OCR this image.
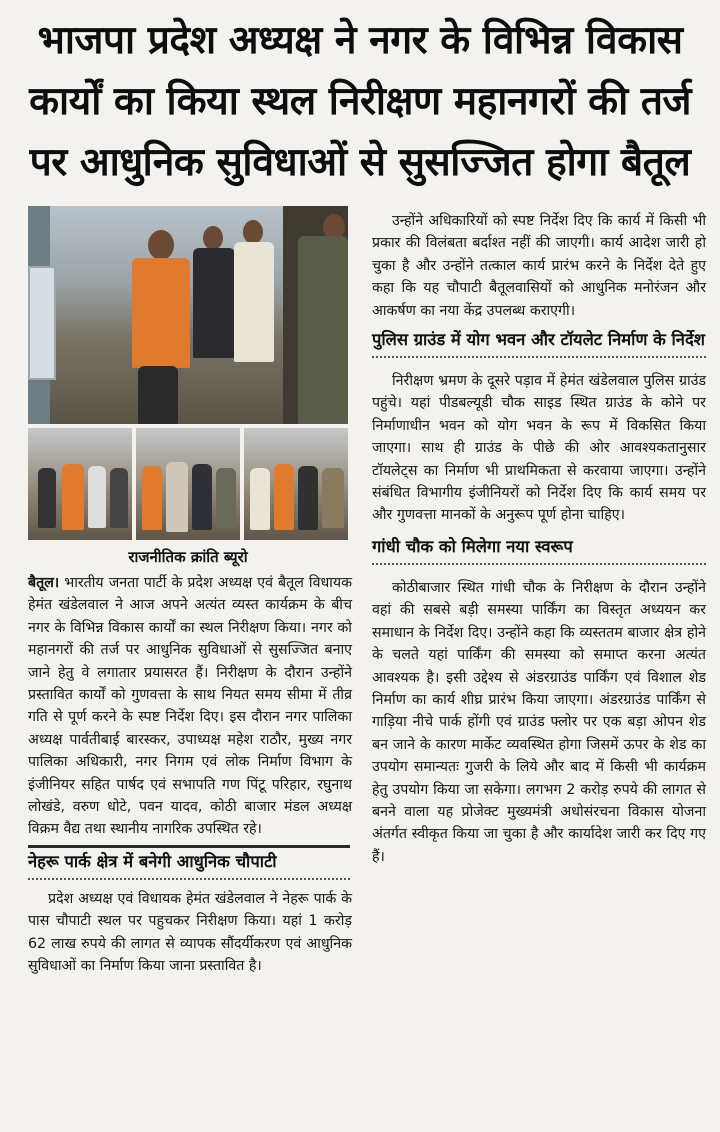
भाजपा प्रदेश अध्यक्ष ने नगर के विभिन्न विकास
कार्यों का किया स्थल निरीक्षण महानगरों की तर्ज
पर आधुनिक सुविधाओं से सुसज्जित होगा बैतूल
राजनीतिक क्रांति ब्यूरो

बैतूल। भारतीय जनता पार्टी के प्रदेश अध्यक्ष एवं बैतूल विधायक हेमंत खंडेलवाल ने आज अपने अत्यंत व्यस्त कार्यक्रम के बीच नगर के विभिन्न विकास कार्यों का स्थल निरीक्षण किया। नगर को महानगरों की तर्ज पर आधुनिक सुविधाओं से सुसज्जित बनाए जाने हेतु वे लगातार प्रयासरत हैं। निरीक्षण के दौरान उन्होंने प्रस्तावित कार्यों को गुणवत्ता के साथ नियत समय सीमा में तीव्र गति से पूर्ण करने के स्पष्ट निर्देश दिए। इस दौरान नगर पालिका अध्यक्ष पार्वतीबाई बारस्कर, उपाध्यक्ष महेश राठौर, मुख्य नगर पालिका अधिकारी, नगर निगम एवं लोक निर्माण विभाग के इंजीनियर सहित पार्षद एवं सभापति गण पिंटू परिहार, रघुनाथ लोखंडे, वरुण धोटे, पवन यादव, कोठी बाजार मंडल अध्यक्ष विक्रम वैद्य तथा स्थानीय नागरिक उपस्थित रहे।

नेहरू पार्क क्षेत्र में बनेगी आधुनिक चौपाटी

प्रदेश अध्यक्ष एवं विधायक हेमंत खंडेलवाल ने नेहरू पार्क के पास चौपाटी स्थल पर पहुचकर निरीक्षण किया। यहां 1 करोड़ 62 लाख रुपये की लागत से व्यापक सौंदर्यीकरण एवं आधुनिक सुविधाओं का निर्माण किया जाना प्रस्तावित है।

उन्होंने अधिकारियों को स्पष्ट निर्देश दिए कि कार्य में किसी भी प्रकार की विलंबता बर्दाश्त नहीं की जाएगी। कार्य आदेश जारी हो चुका है और उन्होंने तत्काल कार्य प्रारंभ करने के निर्देश देते हुए कहा कि यह चौपाटी बैतूलवासियों को आधुनिक मनोरंजन और आकर्षण का नया केंद्र उपलब्ध कराएगी।

पुलिस ग्राउंड में योग भवन और टॉयलेट निर्माण के निर्देश

निरीक्षण भ्रमण के दूसरे पड़ाव में हेमंत खंडेलवाल पुलिस ग्राउंड पहुंचे। यहां पीडबल्यूडी चौक साइड स्थित ग्राउंड के कोने पर निर्माणाधीन भवन को योग भवन के रूप में विकसित किया जाएगा। साथ ही ग्राउंड के पीछे की ओर आवश्यकतानुसार टॉयलेट्स का निर्माण भी प्राथमिकता से करवाया जाएगा। उन्होंने संबंधित विभागीय इंजीनियरों को निर्देश दिए कि कार्य समय पर और गुणवत्ता मानकों के अनुरूप पूर्ण होना चाहिए।

गांधी चौक को मिलेगा नया स्वरूप

कोठीबाजार स्थित गांधी चौक के निरीक्षण के दौरान उन्होंने वहां की सबसे बड़ी समस्या पार्किंग का विस्तृत अध्ययन कर समाधान के निर्देश दिए। उन्होंने कहा कि व्यस्ततम बाजार क्षेत्र होने के चलते यहां पार्किंग की समस्या को समाप्त करना अत्यंत आवश्यक है। इसी उद्देश्य से अंडरग्राउंड पार्किंग एवं विशाल शेड निर्माण का कार्य शीघ्र प्रारंभ किया जाएगा। अंडरग्राउंड पार्किंग से गाड़िया नीचे पार्क होंगी एवं ग्राउंड फ्लोर पर एक बड़ा ओपन शेड बन जाने के कारण मार्केट व्यवस्थित होगा जिसमें ऊपर के शेड का उपयोग समान्यतः गुजरी के लिये और बाद में किसी भी कार्यक्रम हेतु उपयोग किया जा सकेगा। लगभग 2 करोड़ रुपये की लागत से बनने वाला यह प्रोजेक्ट मुख्यमंत्री अधोसंरचना विकास योजना अंतर्गत स्वीकृत किया जा चुका है और कार्यादेश जारी कर दिए गए हैं।
